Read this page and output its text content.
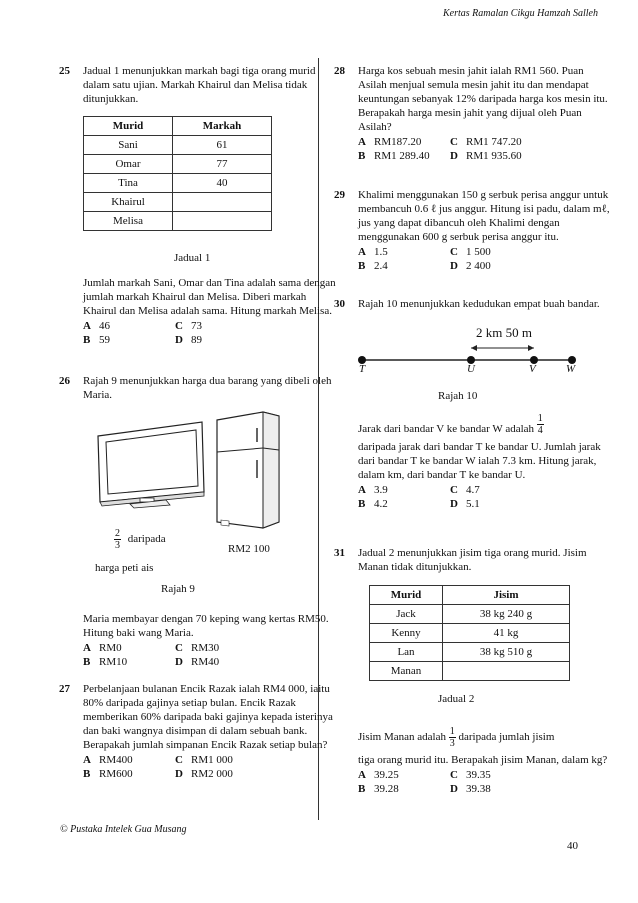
Kertas Ramalan Cikgu Hamzah Salleh
25 Jadual 1 menunjukkan markah bagi tiga orang murid dalam satu ujian. Markah Khairul dan Melisa tidak ditunjukkan.
Murid	Markah
Sani	61
Omar	77
Tina	40
Khairul	
Melisa	
Jadual 1
Jumlah markah Sani, Omar dan Tina adalah sama dengan jumlah markah Khairul dan Melisa. Diberi markah Khairul dan Melisa adalah sama. Hitung markah Melisa.
A 46	C 73
B 59	D 89
26 Rajah 9 menunjukkan harga dua barang yang dibeli oleh Maria.
$\frac{2}{3}$ daripada
harga peti ais
RM2 100
Rajah 9
Maria membayar dengan 70 keping wang kertas RM50. Hitung baki wang Maria.
A RM0	C RM30
B RM10	D RM40
27 Perbelanjaan bulanan Encik Razak ialah RM4 000, iaitu 80% daripada gajinya setiap bulan. Encik Razak memberikan 60% daripada baki gajinya kepada isterinya dan baki wangnya disimpan di dalam sebuah bank. Berapakah jumlah simpanan Encik Razak setiap bulan?
A RM400	C RM1 000
B RM600	D RM2 000
28 Harga kos sebuah mesin jahit ialah RM1 560. Puan Asilah menjual semula mesin jahit itu dan mendapat keuntungan sebanyak 12% daripada harga kos mesin itu. Berapakah harga mesin jahit yang dijual oleh Puan Asilah?
A RM187.20	C RM1 747.20
B RM1 289.40	D RM1 935.60
29 Khalimi menggunakan 150 g serbuk perisa anggur untuk membancuh 0.6 ℓ jus anggur. Hitung isi padu, dalam mℓ, jus yang dapat dibancuh oleh Khalimi dengan menggunakan 600 g serbuk perisa anggur itu.
A 1.5	C 1 500
B 2.4	D 2 400
30 Rajah 10 menunjukkan kedudukan empat buah bandar.
2 km 50 m
T	U	V	W
Rajah 10
Jarak dari bandar V ke bandar W adalah $\frac{1}{4}$
daripada jarak dari bandar T ke bandar U. Jumlah jarak dari bandar T ke bandar W ialah 7.3 km. Hitung jarak, dalam km, dari bandar T ke bandar U.
A 3.9	C 4.7
B 4.2	D 5.1
31 Jadual 2 menunjukkan jisim tiga orang murid. Jisim Manan tidak ditunjukkan.
Murid	Jisim
Jack	38 kg 240 g
Kenny	41 kg
Lan	38 kg 510 g
Manan	
Jadual 2
Jisim Manan adalah $\frac{1}{3}$ daripada jumlah jisim
tiga orang murid itu. Berapakah jisim Manan, dalam kg?
A 39.25	C 39.35
B 39.28	D 39.38
© Pustaka Intelek Gua Musang
40
